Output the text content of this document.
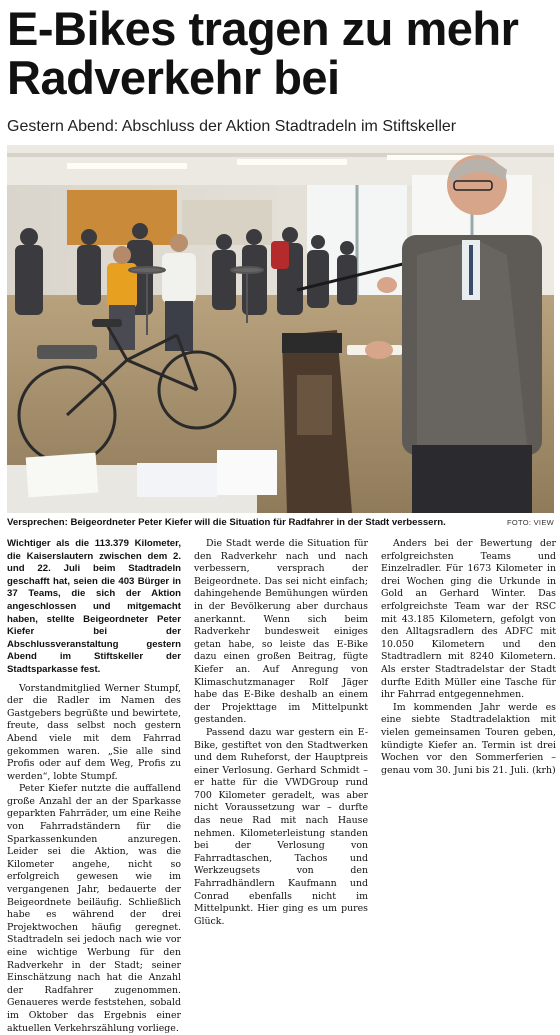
E-Bikes tragen zu mehr Radverkehr bei
Gestern Abend: Abschluss der Aktion Stadtradeln im Stiftskeller
Versprechen: Beigeordneter Peter Kiefer will die Situation für Radfahrer in der Stadt verbessern.	FOTO: VIEW

Wichtiger als die 113.379 Kilometer, die Kaiserslautern zwischen dem 2. und 22. Juli beim Stadtradeln geschafft hat, seien die 403 Bürger in 37 Teams, die sich der Aktion angeschlossen und mitgemacht haben, stellte Beigeordneter Peter Kiefer bei der Abschlussveranstaltung gestern Abend im Stiftskeller der Stadtsparkasse fest.

Vorstandmitglied Werner Stumpf, der die Radler im Namen des Gastgebers begrüßte und bewirtete, freute, dass selbst noch gestern Abend viele mit dem Fahrrad gekommen waren. „Sie alle sind Profis oder auf dem Weg, Profis zu werden“, lobte Stumpf.

Peter Kiefer nutzte die auffallend große Anzahl der an der Sparkasse geparkten Fahrräder, um eine Reihe von Fahrradständern für die Sparkassenkunden anzuregen. Leider sei die Aktion, was die Kilometer angehe, nicht so erfolgreich gewesen wie im vergangenen Jahr, bedauerte der Beigeordnete beiläufig. Schließlich habe es während der drei Projektwochen häufig geregnet. Stadtradeln sei jedoch nach wie vor eine wichtige Werbung für den Radverkehr in der Stadt; seiner Einschätzung nach hat die Anzahl der Radfahrer zugenommen. Genaueres werde feststehen, sobald im Oktober das Ergebnis einer aktuellen Verkehrszählung vorliege.

Die Stadt werde die Situation für den Radverkehr nach und nach verbessern, versprach der Beigeordnete. Das sei nicht einfach; dahingehende Bemühungen würden in der Bevölkerung aber durchaus anerkannt. Wenn sich beim Radverkehr bundesweit einiges getan habe, so leiste das E-Bike dazu einen großen Beitrag, fügte Kiefer an. Auf Anregung von Klimaschutzmanager Rolf Jäger habe das E-Bike deshalb an einem der Projekttage im Mittelpunkt gestanden.

Passend dazu war gestern ein E-Bike, gestiftet von den Stadtwerken und dem Ruheforst, der Hauptpreis einer Verlosung. Gerhard Schmidt – er hatte für die VWDGroup rund 700 Kilometer geradelt, was aber nicht Voraussetzung war – durfte das neue Rad mit nach Hause nehmen. Kilometerleistung standen bei der Verlosung von Fahrradtaschen, Tachos und Werkzeugsets von den Fahrradhändlern Kaufmann und Conrad ebenfalls nicht im Mittelpunkt. Hier ging es um pures Glück.

Anders bei der Bewertung der erfolgreichsten Teams und Einzelradler. Für 1673 Kilometer in drei Wochen ging die Urkunde in Gold an Gerhard Winter. Das erfolgreichste Team war der RSC mit 43.185 Kilometern, gefolgt von den Alltagsradlern des ADFC mit 10.050 Kilometern und den Stadtradlern mit 8240 Kilometern. Als erster Stadtradelstar der Stadt durfte Edith Müller eine Tasche für ihr Fahrrad entgegennehmen.

Im kommenden Jahr werde es eine siebte Stadtradelaktion mit vielen gemeinsamen Touren geben, kündigte Kiefer an. Termin ist drei Wochen vor den Sommerferien – genau vom 30. Juni bis 21. Juli. (krh)
